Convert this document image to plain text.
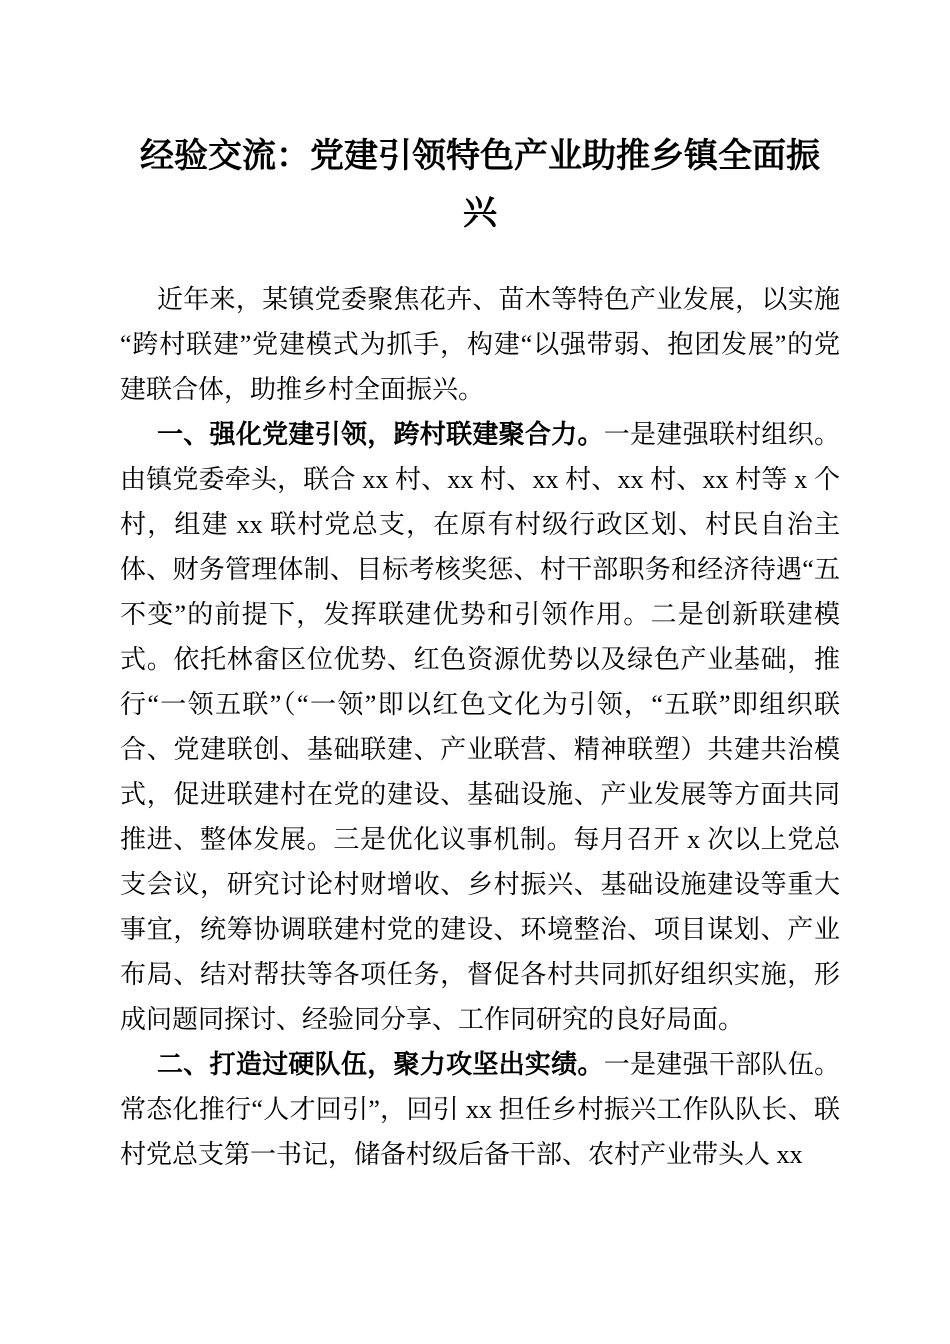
经验交流：党建引领特色产业助推乡镇全面振兴

近年来，某镇党委聚焦花卉、苗木等特色产业发展，以实施“跨村联建”党建模式为抓手，构建“以强带弱、抱团发展”的党建联合体，助推乡村全面振兴。

一、强化党建引领，跨村联建聚合力。一是建强联村组织。由镇党委牵头，联合 xx 村、xx 村、xx 村、xx 村、xx 村等 x 个村，组建 xx 联村党总支，在原有村级行政区划、村民自治主体、财务管理体制、目标考核奖惩、村干部职务和经济待遇“五不变”的前提下，发挥联建优势和引领作用。二是创新联建模式。依托林畲区位优势、红色资源优势以及绿色产业基础，推行“一领五联”（“一领”即以红色文化为引领，“五联”即组织联合、党建联创、基础联建、产业联营、精神联塑）共建共治模式，促进联建村在党的建设、基础设施、产业发展等方面共同推进、整体发展。三是优化议事机制。每月召开 x 次以上党总支会议，研究讨论村财增收、乡村振兴、基础设施建设等重大事宜，统筹协调联建村党的建设、环境整治、项目谋划、产业布局、结对帮扶等各项任务，督促各村共同抓好组织实施，形成问题同探讨、经验同分享、工作同研究的良好局面。

二、打造过硬队伍，聚力攻坚出实绩。一是建强干部队伍。常态化推行“人才回引”，回引 xx 担任乡村振兴工作队队长、联村党总支第一书记，储备村级后备干部、农村产业带头人 xx
